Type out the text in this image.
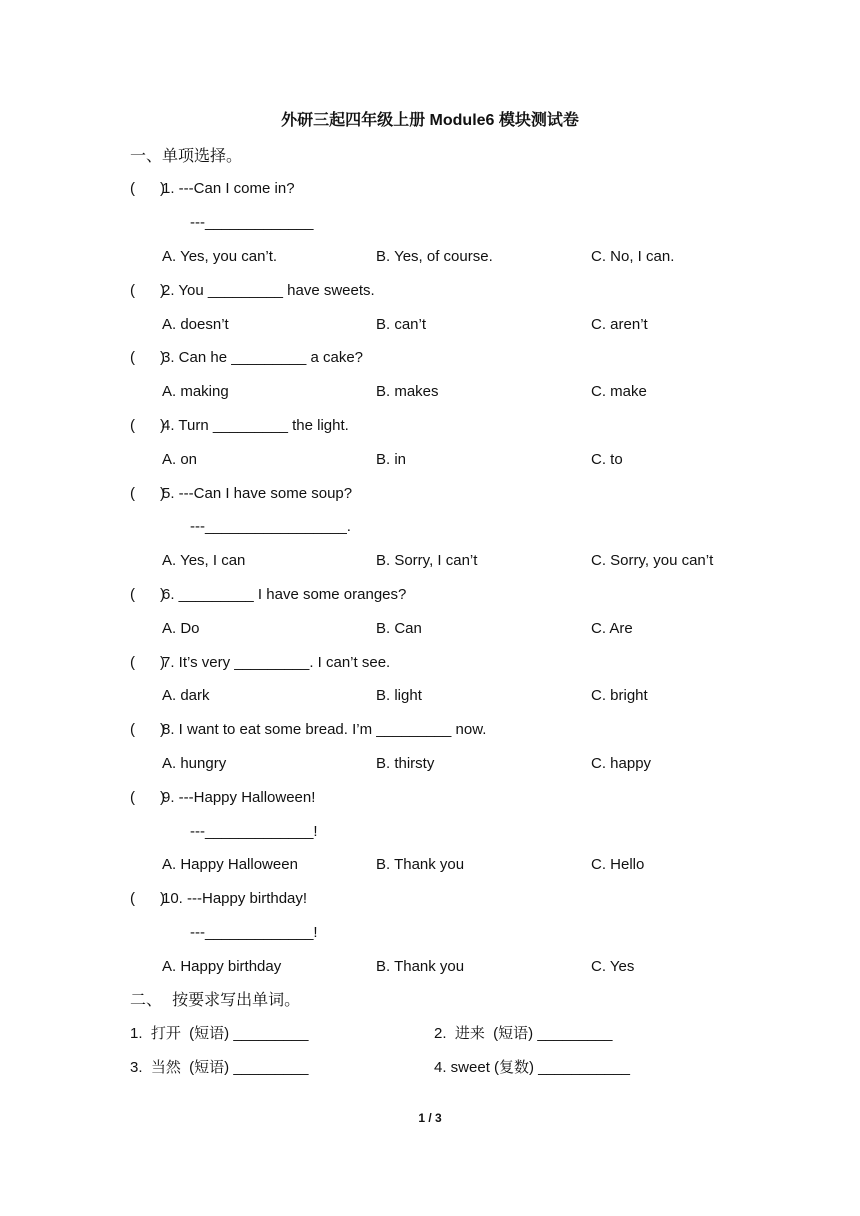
外研三起四年级上册 Module6 模块测试卷
一、单项选择。
(      )
1. ---Can I come in?
---_____________
A. Yes, you can’t.	B. Yes, of course.	C. No, I can.
(      )
2. You _________ have sweets.
A. doesn’t	B. can’t	C. aren’t
(      )
3. Can he _________ a cake?
A. making	B. makes	C. make
(      )
4. Turn _________ the light.
A. on	B. in	C. to
(      )
5. ---Can I have some soup?
---_________________.
A. Yes, I can	B. Sorry, I can’t	C. Sorry, you can’t
(      )
6. _________ I have some oranges?
A. Do	B. Can	C. Are
(      )
7. It’s very _________. I can’t see.
A. dark	B. light	C. bright
(      )
8. I want to eat some bread. I’m _________ now.
A. hungry	B. thirsty	C. happy
(      )
9. ---Happy Halloween!
---_____________!
A. Happy Halloween	B. Thank you	C. Hello
(      )
10. ---Happy birthday!
---_____________!
A. Happy birthday	B. Thank you	C. Yes
二、  按要求写出单词。
1.  打开  (短语) _________	2.  进来  (短语) _________
3.  当然  (短语) _________	4. sweet (复数) ___________
1 / 3
